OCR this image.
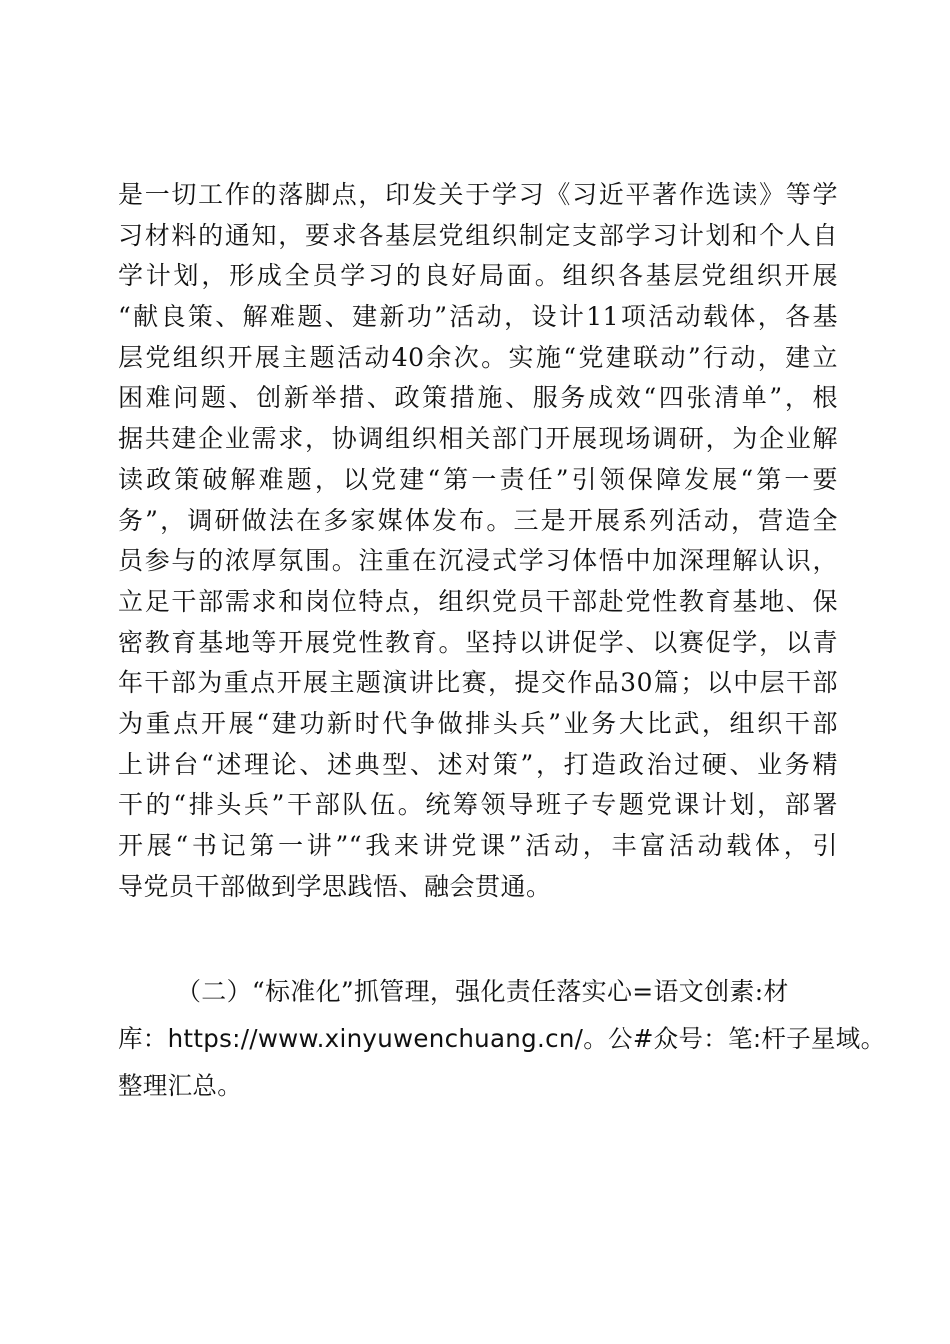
是一切工作的落脚点，印发关于学习《习近平著作选读》等学
习材料的通知，要求各基层党组织制定支部学习计划和个人自
学计划，形成全员学习的良好局面。组织各基层党组织开展
“献良策、解难题、建新功”活动，设计11项活动载体，各基
层党组织开展主题活动40余次。实施“党建联动”行动，建立
困难问题、创新举措、政策措施、服务成效“四张清单”，根
据共建企业需求，协调组织相关部门开展现场调研，为企业解
读政策破解难题，以党建“第一责任”引领保障发展“第一要
务”，调研做法在多家媒体发布。三是开展系列活动，营造全
员参与的浓厚氛围。注重在沉浸式学习体悟中加深理解认识，
立足干部需求和岗位特点，组织党员干部赴党性教育基地、保
密教育基地等开展党性教育。坚持以讲促学、以赛促学，以青
年干部为重点开展主题演讲比赛，提交作品30篇；以中层干部
为重点开展“建功新时代争做排头兵”业务大比武，组织干部
上讲台“述理论、述典型、述对策”，打造政治过硬、业务精
干的“排头兵”干部队伍。统筹领导班子专题党课计划，部署
开展“书记第一讲”“我来讲党课”活动，丰富活动载体，引
导党员干部做到学思践悟、融会贯通。
（二）“标准化”抓管理，强化责任落实心=语文创素:材
库：https://www.xinyuwenchuang.cn/。公#众号：笔:杆子星域。
整理汇总。
